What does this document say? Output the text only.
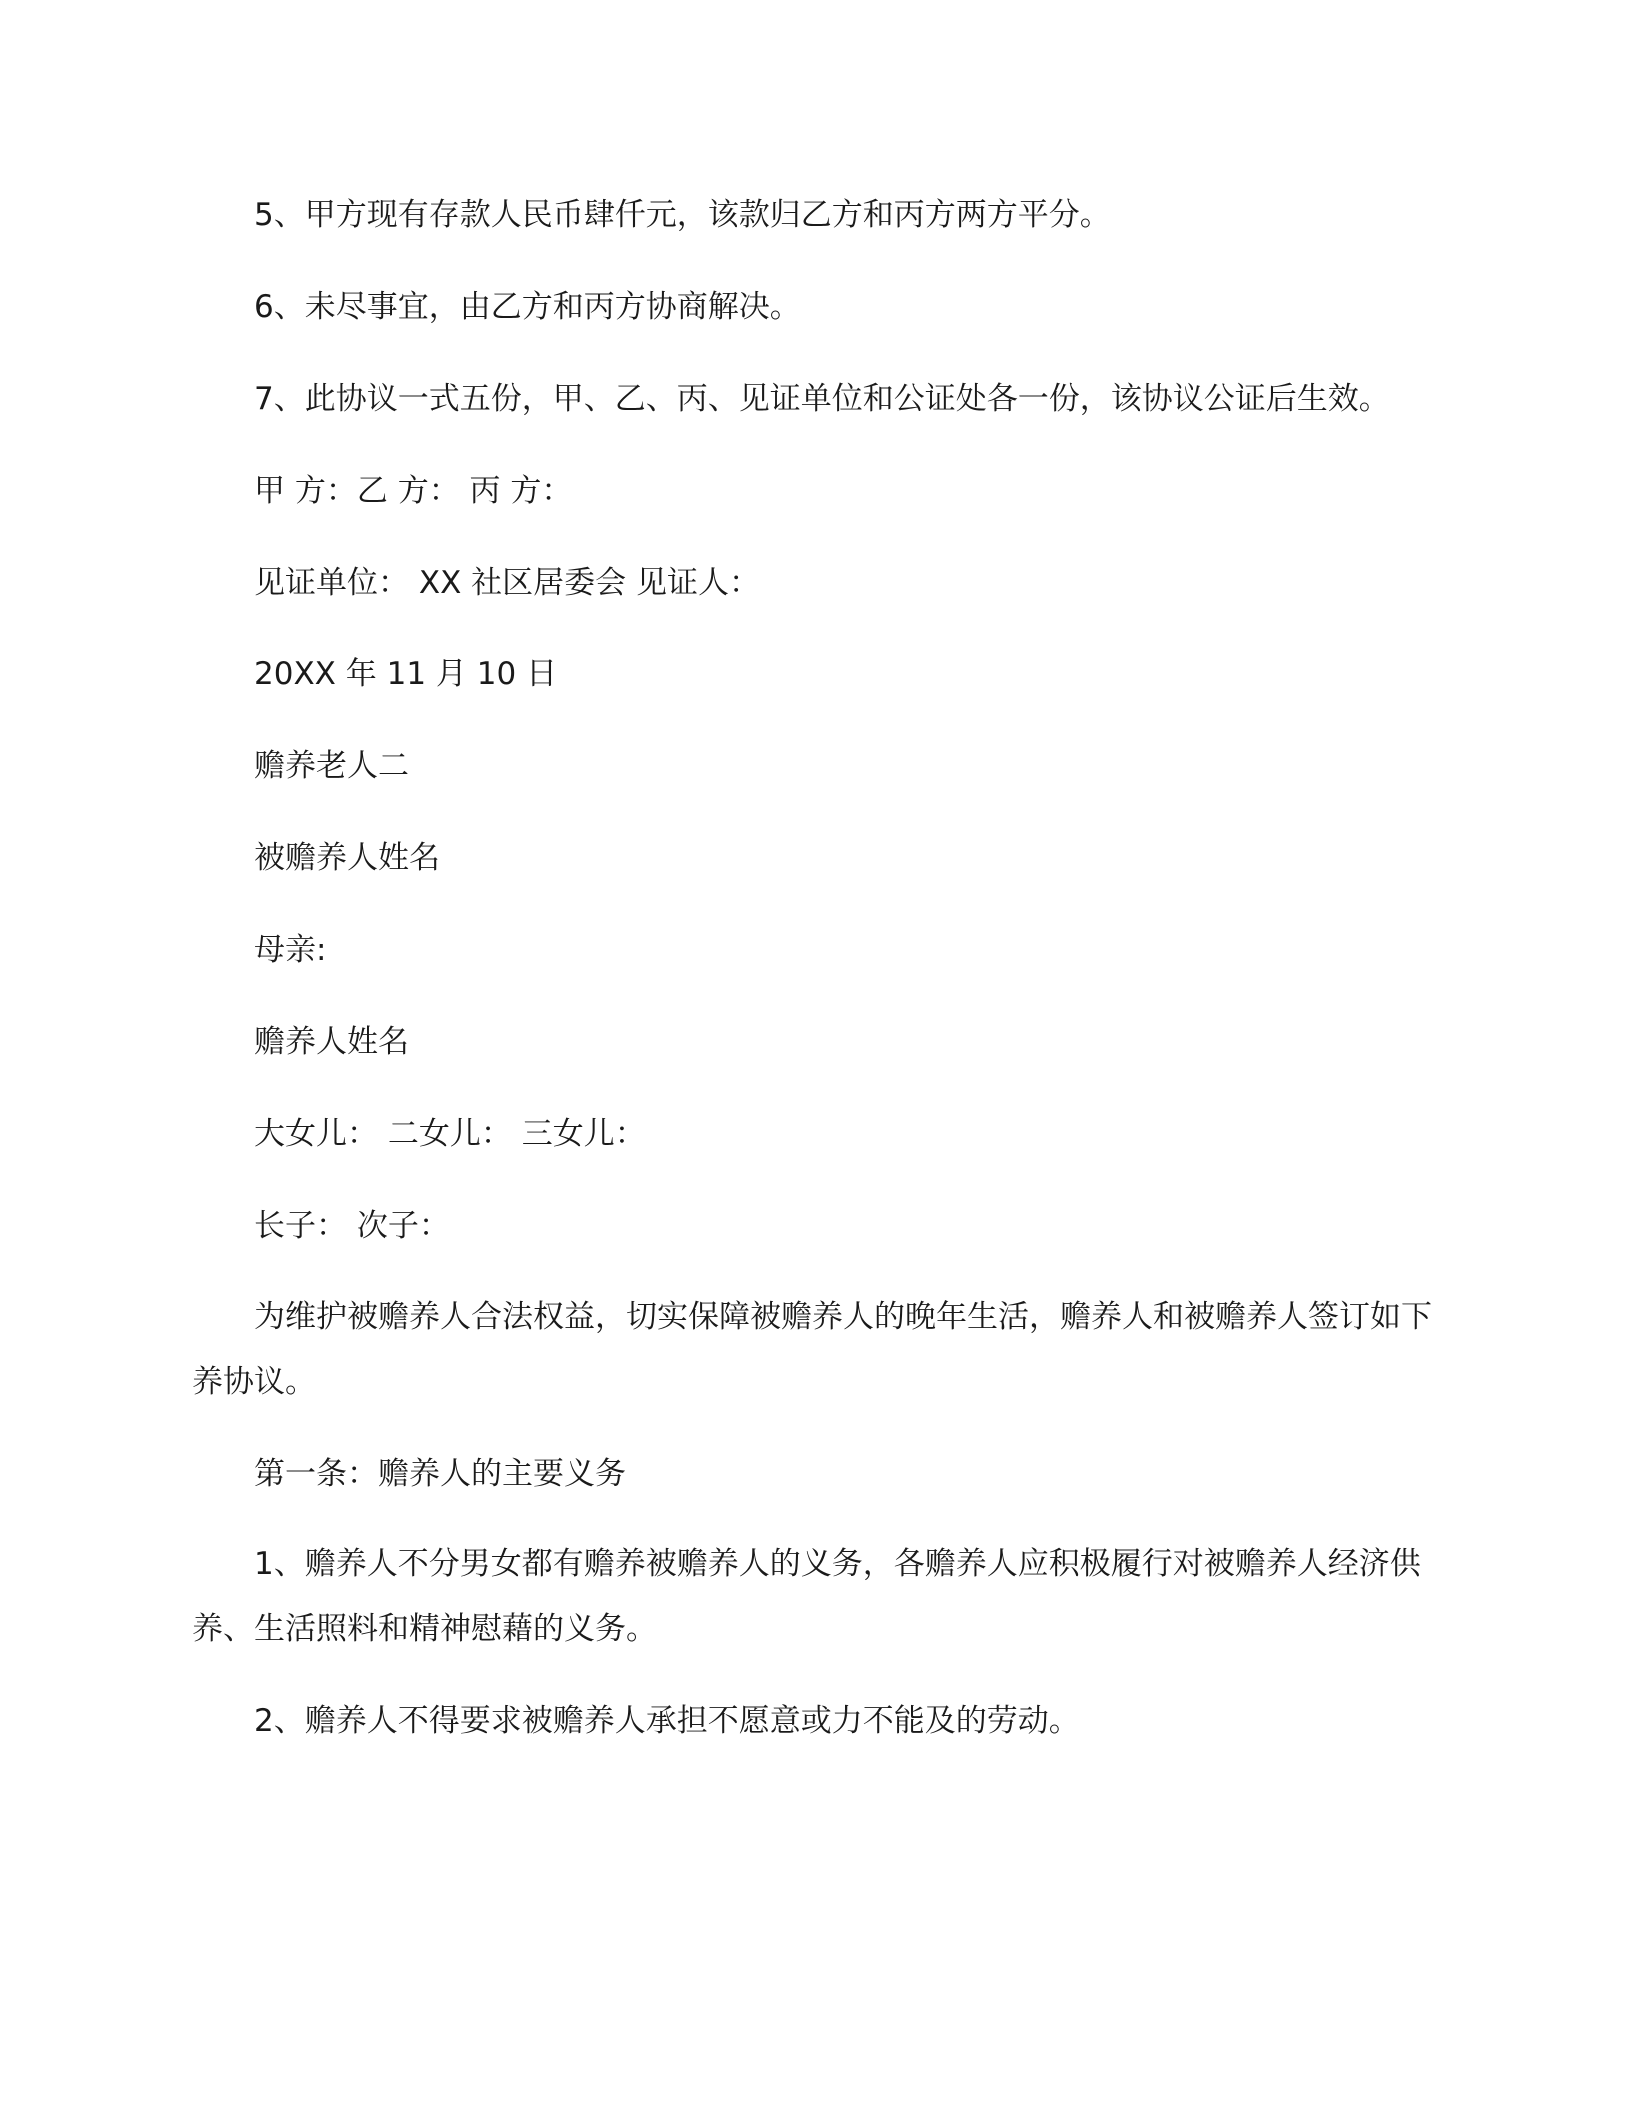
5、甲方现有存款人民币肆仟元，该款归乙方和丙方两方平分。

6、未尽事宜，由乙方和丙方协商解决。

7、此协议一式五份，甲、乙、丙、见证单位和公证处各一份，该协议公证后生效。

甲 方：乙 方： 丙 方：

见证单位： XX 社区居委会 见证人：

20XX 年 11 月 10 日

赡养老人二

被赡养人姓名

母亲:

赡养人姓名

大女儿： 二女儿： 三女儿：

长子： 次子：

为维护被赡养人合法权益，切实保障被赡养人的晚年生活，赡养人和被赡养人签订如下养协议。

第一条：赡养人的主要义务

1、赡养人不分男女都有赡养被赡养人的义务，各赡养人应积极履行对被赡养人经济供养、生活照料和精神慰藉的义务。

2、赡养人不得要求被赡养人承担不愿意或力不能及的劳动。
